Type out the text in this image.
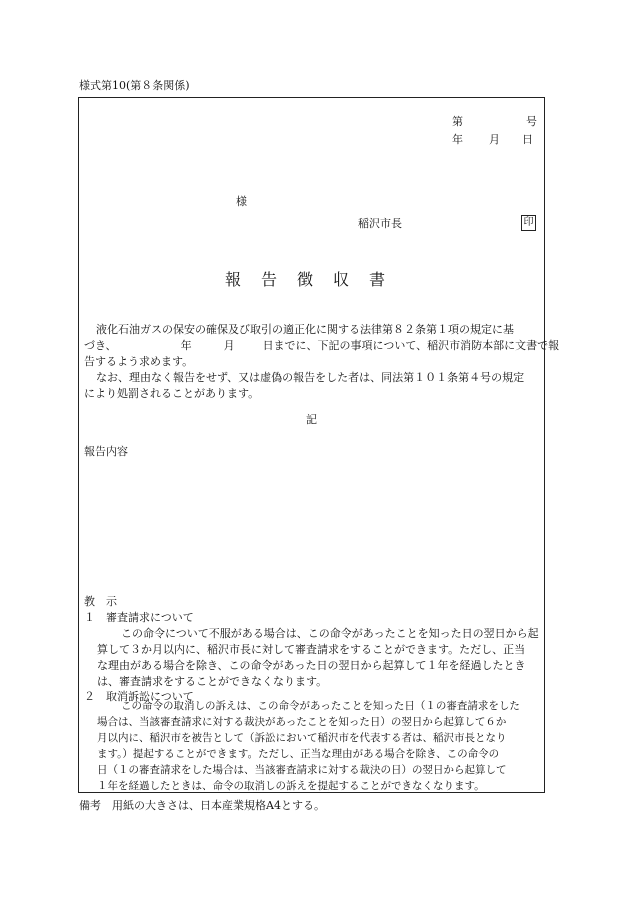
様式第10(第８条関係)
第	号
年 月 日
様
稲沢市長	印
報告徴収書
液化石油ガスの保安の確保及び取引の適正化に関する法律第８２条第１項の規定に基
づき、	年	月	日までに、下記の事項について、稲沢市消防本部に文書で報
告するよう求めます。
なお、理由なく報告をせず、又は虚偽の報告をした者は、同法第１０１条第４号の規定
により処罰されることがあります。
記
報告内容
教　示
１　審査請求について
この命令について不服がある場合は、この命令があったことを知った日の翌日から起
算して３か月以内に、稲沢市長に対して審査請求をすることができます。ただし、正当
な理由がある場合を除き、この命令があった日の翌日から起算して１年を経過したとき
は、審査請求をすることができなくなります。
２　取消訴訟について
この命令の取消しの訴えは、この命令があったことを知った日（１の審査請求をした
場合は、当該審査請求に対する裁決があったことを知った日）の翌日から起算して６か
月以内に、稲沢市を被告として（訴訟において稲沢市を代表する者は、稲沢市長となり
ます。）提起することができます。ただし、正当な理由がある場合を除き、この命令の
日（１の審査請求をした場合は、当該審査請求に対する裁決の日）の翌日から起算して
１年を経過したときは、命令の取消しの訴えを提起することができなくなります。
備考　用紙の大きさは、日本産業規格A4とする。
